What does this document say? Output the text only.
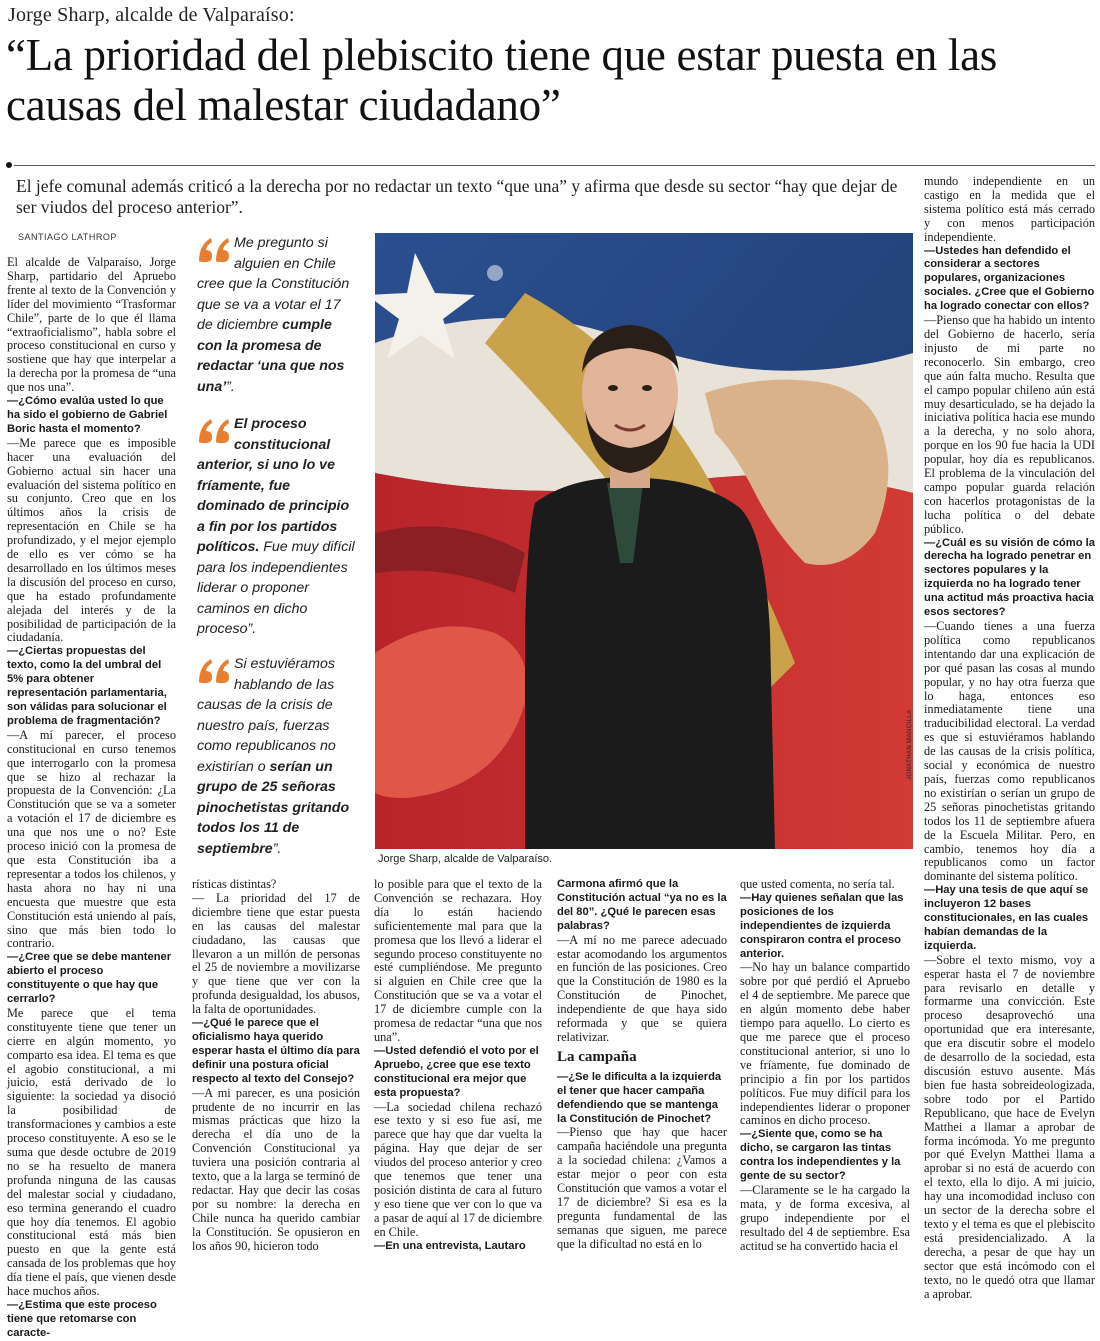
Jorge Sharp, alcalde de Valparaíso:
“La prioridad del plebiscito tiene que estar puesta en las causas del malestar ciudadano”
El jefe comunal además criticó a la derecha por no redactar un texto “que una” y afirma que desde su sector “hay que dejar de ser viudos del proceso anterior”.
SANTIAGO LATHROP

El alcalde de Valparaíso, Jorge Sharp, partidario del Apruebo frente al texto de la Convención y líder del movimiento “Trasformar Chile”, parte de lo que él llama “extraoficialismo”, habla sobre el proceso constitucional en curso y sostiene que hay que interpelar a la derecha por la promesa de “una que nos una”.

—¿Cómo evalúa usted lo que ha sido el gobierno de Gabriel Boric hasta el momento?

—Me parece que es imposible hacer una evaluación del Gobierno actual sin hacer una evaluación del sistema político en su conjunto. Creo que en los últimos años la crisis de representación en Chile se ha profundizado, y el mejor ejemplo de ello es ver cómo se ha desarrollado en los últimos meses la discusión del proceso en curso, que ha estado profundamente alejada del interés y de la posibilidad de participación de la ciudadanía.

—¿Ciertas propuestas del texto, como la del umbral del 5% para obtener representación parlamentaria, son válidas para solucionar el problema de fragmentación?

—A mí parecer, el proceso constitucional en curso tenemos que interrogarlo con la promesa que se hizo al rechazar la propuesta de la Convención: ¿La Constitución que se va a someter a votación el 17 de diciembre es una que nos une o no? Este proceso inició con la promesa de que esta Constitución iba a representar a todos los chilenos, y hasta ahora no hay ni una encuesta que muestre que esta Constitución está uniendo al país, sino que más bien todo lo contrario.

—¿Cree que se debe mantener abierto el proceso constituyente o que hay que cerrarlo?

Me parece que el tema constituyente tiene que tener un cierre en algún momento, yo comparto esa idea. El tema es que el agobio constitucional, a mi juicio, está derivado de lo siguiente: la sociedad ya disoció la posibilidad de transformaciones y cambios a este proceso constituyente. A eso se le suma que desde octubre de 2019 no se ha resuelto de manera profunda ninguna de las causas del malestar social y ciudadano, eso termina generando el cuadro que hoy día tenemos. El agobio constitucional está más bien puesto en que la gente está cansada de los problemas que hoy día tiene el país, que vienen desde hace muchos años.

—¿Estima que este proceso tiene que retomarse con caracte-

Me pregunto si alguien en Chile cree que la Constitución que se va a votar el 17 de diciembre cumple con la promesa de redactar ‘una que nos una’”.
El proceso constitucional anterior, si uno lo ve fríamente, fue dominado de principio a fin por los partidos políticos. Fue muy difícil para los independientes liderar o proponer caminos en dicho proceso”.
Si estuviéramos hablando de las causas de la crisis de nuestro país, fuerzas como republicanos no existirían o serían un grupo de 25 señoras pinochetistas gritando todos los 11 de septiembre”.
JONATHAN MANCILLA
Jorge Sharp, alcalde de Valparaíso.

rísticas distintas?

— La prioridad del 17 de diciembre tiene que estar puesta en las causas del malestar ciudadano, las causas que llevaron a un millón de personas el 25 de noviembre a movilizarse y que tiene que ver con la profunda desigualdad, los abusos, la falta de oportunidades.

—¿Qué le parece que el oficialismo haya querido esperar hasta el último día para definir una postura oficial respecto al texto del Consejo?

—A mi parecer, es una posición prudente de no incurrir en las mismas prácticas que hizo la derecha el día uno de la Convención Constitucional ya tuviera una posición contraria al texto, que a la larga se terminó de redactar. Hay que decir las cosas por su nombre: la derecha en Chile nunca ha querido cambiar la Constitución. Se opusieron en los años 90, hicieron todo

lo posible para que el texto de la Convención se rechazara. Hoy día lo están haciendo suficientemente mal para que la promesa que los llevó a liderar el segundo proceso constituyente no esté cumpliéndose. Me pregunto si alguien en Chile cree que la Constitución que se va a votar el 17 de diciembre cumple con la promesa de redactar “una que nos una”.

—Usted defendió el voto por el Apruebo, ¿cree que ese texto constitucional era mejor que esta propuesta?

—La sociedad chilena rechazó ese texto y si eso fue así, me parece que hay que dar vuelta la página. Hay que dejar de ser viudos del proceso anterior y creo que tenemos que tener una posición distinta de cara al futuro y eso tiene que ver con lo que va a pasar de aquí al 17 de diciembre en Chile.

—En una entrevista, Lautaro

Carmona afirmó que la Constitución actual “ya no es la del 80”. ¿Qué le parecen esas palabras?

—A mí no me parece adecuado estar acomodando los argumentos en función de las posiciones. Creo que la Constitución de 1980 es la Constitución de Pinochet, independiente de que haya sido reformada y que se quiera relativizar.

La campaña

—¿Se le dificulta a la izquierda el tener que hacer campaña defendiendo que se mantenga la Constitución de Pinochet?

—Pienso que hay que hacer campaña haciéndole una pregunta a la sociedad chilena: ¿Vamos a estar mejor o peor con esta Constitución que vamos a votar el 17 de diciembre? Si esa es la pregunta fundamental de las semanas que siguen, me parece que la dificultad no está en lo

que usted comenta, no sería tal.

—Hay quienes señalan que las posiciones de los independientes de izquierda conspiraron contra el proceso anterior.

—No hay un balance compartido sobre por qué perdió el Apruebo el 4 de septiembre. Me parece que en algún momento debe haber tiempo para aquello. Lo cierto es que me parece que el proceso constitucional anterior, si uno lo ve fríamente, fue dominado de principio a fin por los partidos políticos. Fue muy difícil para los independientes liderar o proponer caminos en dicho proceso.

—¿Siente que, como se ha dicho, se cargaron las tintas contra los independientes y la gente de su sector?

—Claramente se le ha cargado la mata, y de forma excesiva, al grupo independiente por el resultado del 4 de septiembre. Esa actitud se ha convertido hacia el

mundo independiente en un castigo en la medida que el sistema político está más cerrado y con menos participación independiente.

—Ustedes han defendido el considerar a sectores populares, organizaciones sociales. ¿Cree que el Gobierno ha logrado conectar con ellos?

—Pienso que ha habido un intento del Gobierno de hacerlo, sería injusto de mi parte no reconocerlo. Sin embargo, creo que aún falta mucho. Resulta que el campo popular chileno aún está muy desarticulado, se ha dejado la iniciativa política hacia ese mundo a la derecha, y no solo ahora, porque en los 90 fue hacia la UDI popular, hoy día es republicanos. El problema de la vinculación del campo popular guarda relación con hacerlos protagonistas de la lucha política o del debate público.

—¿Cuál es su visión de cómo la derecha ha logrado penetrar en sectores populares y la izquierda no ha logrado tener una actitud más proactiva hacia esos sectores?

—Cuando tienes a una fuerza política como republicanos intentando dar una explicación de por qué pasan las cosas al mundo popular, y no hay otra fuerza que lo haga, entonces eso inmediatamente tiene una traducibilidad electoral. La verdad es que si estuviéramos hablando de las causas de la crisis política, social y económica de nuestro país, fuerzas como republicanos no existirían o serían un grupo de 25 señoras pinochetistas gritando todos los 11 de septiembre afuera de la Escuela Militar. Pero, en cambio, tenemos hoy día a republicanos como un factor dominante del sistema político.

—Hay una tesis de que aquí se incluyeron 12 bases constitucionales, en las cuales habían demandas de la izquierda.

—Sobre el texto mismo, voy a esperar hasta el 7 de noviembre para revisarlo en detalle y formarme una convicción. Este proceso desaprovechó una oportunidad que era interesante, que era discutir sobre el modelo de desarrollo de la sociedad, esta discusión estuvo ausente. Más bien fue hasta sobreideologizada, sobre todo por el Partido Republicano, que hace de Evelyn Matthei a llamar a aprobar de forma incómoda. Yo me pregunto por qué Evelyn Matthei llama a aprobar si no está de acuerdo con el texto, ella lo dijo. A mi juicio, hay una incomodidad incluso con un sector de la derecha sobre el texto y el tema es que el plebiscito está presidencializado. A la derecha, a pesar de que hay un sector que está incómodo con el texto, no le quedó otra que llamar a aprobar.
